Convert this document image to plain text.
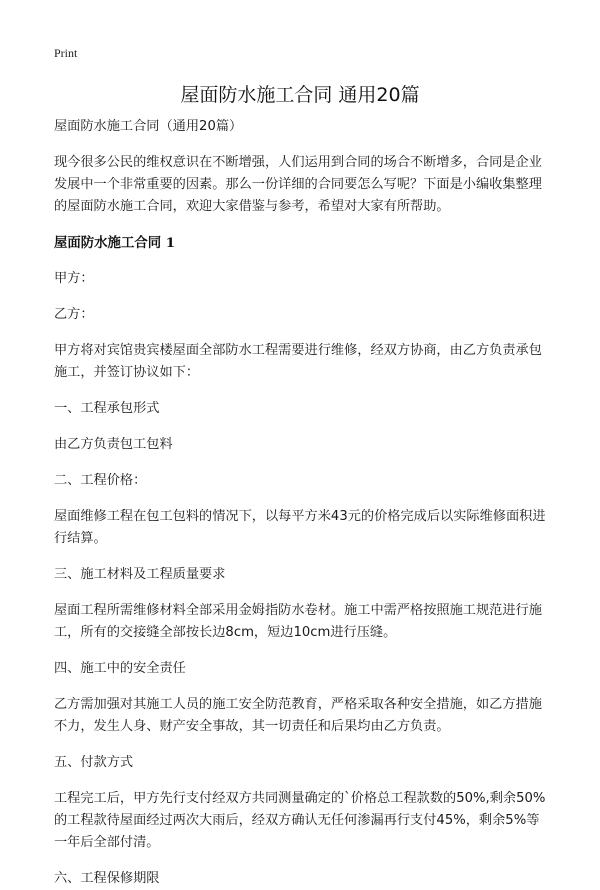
Print
屋面防水施工合同 通用20篇

屋面防水施工合同（通用20篇）

现今很多公民的维权意识在不断增强，人们运用到合同的场合不断增多，合同是企业发展中一个非常重要的因素。那么一份详细的合同要怎么写呢？下面是小编收集整理的屋面防水施工合同，欢迎大家借鉴与参考，希望对大家有所帮助。

屋面防水施工合同 1

甲方：

乙方：

甲方将对宾馆贵宾楼屋面全部防水工程需要进行维修，经双方协商，由乙方负责承包施工，并签订协议如下：

一、工程承包形式

由乙方负责包工包料

二、工程价格：

屋面维修工程在包工包料的情况下，以每平方米43元的价格完成后以实际维修面积进行结算。

三、施工材料及工程质量要求

屋面工程所需维修材料全部采用金姆指防水卷材。施工中需严格按照施工规范进行施工，所有的交接缝全部按长边8cm，短边10cm进行压缝。

四、施工中的安全责任

乙方需加强对其施工人员的施工安全防范教育，严格采取各种安全措施，如乙方措施不力，发生人身、财产安全事故，其一切责任和后果均由乙方负责。

五、付款方式

工程完工后，甲方先行支付经双方共同测量确定的`价格总工程款数的50%,剩余50%的工程款待屋面经过两次大雨后，经双方确认无任何渗漏再行支付45%，剩余5%等一年后全部付清。

六、工程保修期限
